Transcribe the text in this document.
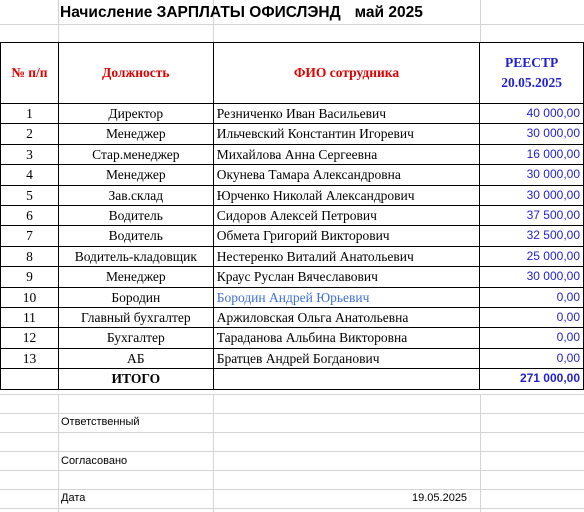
Начисление ЗАРПЛАТЫ ОФИСЛЭНД май 2025
№ п/п	Должность	ФИО сотрудника	РЕЕСТР
20.05.2025
1	Директор	Резниченко Иван Васильевич	40 000,00
2	Менеджер	Ильчевский Константин Игоревич	30 000,00
3	Стар.менеджер	Михайлова Анна Сергеевна	16 000,00
4	Менеджер	Окунева Тамара Александровна	30 000,00
5	Зав.склад	Юрченко Николай Александрович	30 000,00
6	Водитель	Сидоров Алексей Петрович	37 500,00
7	Водитель	Обмета Григорий Викторович	32 500,00
8	Водитель-кладовщик	Нестеренко Виталий Анатольевич	25 000,00
9	Менеджер	Краус Руслан Вячеславович	30 000,00
10	Бородин	Бородин Андрей Юрьевич	0,00
11	Главный бухгалтер	Аржиловская Ольга Анатольевна	0,00
12	Бухгалтер	Тараданова Альбина Викторовна	0,00
13	АБ	Братцев Андрей Богданович	0,00
	ИТОГО		271 000,00
Ответственный
Согласовано
Дата	19.05.2025
